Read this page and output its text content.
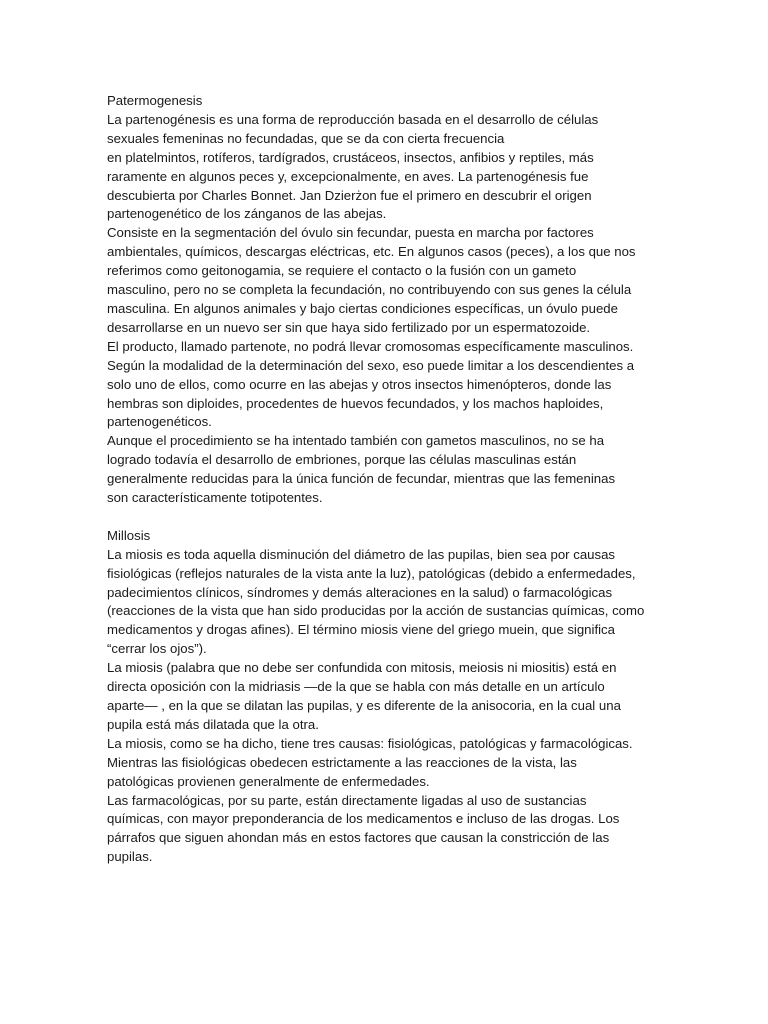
Patermogenesis

La partenogénesis es una forma de reproducción basada en el desarrollo de células
sexuales femeninas no fecundadas, que se da con cierta frecuencia
en platelmintos, rotíferos, tardígrados, crustáceos, insectos, anfibios y reptiles, más
raramente en algunos peces y, excepcionalmente, en aves. La partenogénesis fue
descubierta por Charles Bonnet. Jan Dzierżon fue el primero en descubrir el origen
partenogenético de los zánganos de las abejas.

Consiste en la segmentación del óvulo sin fecundar, puesta en marcha por factores
ambientales, químicos, descargas eléctricas, etc. En algunos casos (peces), a los que nos
referimos como geitonogamia, se requiere el contacto o la fusión con un gameto
masculino, pero no se completa la fecundación, no contribuyendo con sus genes la célula
masculina. En algunos animales y bajo ciertas condiciones específicas, un óvulo puede
desarrollarse en un nuevo ser sin que haya sido fertilizado por un espermatozoide.

El producto, llamado partenote, no podrá llevar cromosomas específicamente masculinos.
Según la modalidad de la determinación del sexo, eso puede limitar a los descendientes a
solo uno de ellos, como ocurre en las abejas y otros insectos himenópteros, donde las
hembras son diploides, procedentes de huevos fecundados, y los machos haploides,
partenogenéticos.

Aunque el procedimiento se ha intentado también con gametos masculinos, no se ha
logrado todavía el desarrollo de embriones, porque las células masculinas están
generalmente reducidas para la única función de fecundar, mientras que las femeninas
son característicamente totipotentes.

Millosis

La miosis es toda aquella disminución del diámetro de las pupilas, bien sea por causas
fisiológicas (reflejos naturales de la vista ante la luz), patológicas (debido a enfermedades,
padecimientos clínicos, síndromes y demás alteraciones en la salud) o farmacológicas
(reacciones de la vista que han sido producidas por la acción de sustancias químicas, como
medicamentos y drogas afines). El término miosis viene del griego muein, que significa
“cerrar los ojos”).

La miosis (palabra que no debe ser confundida con mitosis, meiosis ni miositis) está en
directa oposición con la midriasis —de la que se habla con más detalle en un artículo
aparte— , en la que se dilatan las pupilas, y es diferente de la anisocoria, en la cual una
pupila está más dilatada que la otra.

La miosis, como se ha dicho, tiene tres causas: fisiológicas, patológicas y farmacológicas.
Mientras las fisiológicas obedecen estrictamente a las reacciones de la vista, las
patológicas provienen generalmente de enfermedades.

Las farmacológicas, por su parte, están directamente ligadas al uso de sustancias
químicas, con mayor preponderancia de los medicamentos e incluso de las drogas. Los
párrafos que siguen ahondan más en estos factores que causan la constricción de las
pupilas.
